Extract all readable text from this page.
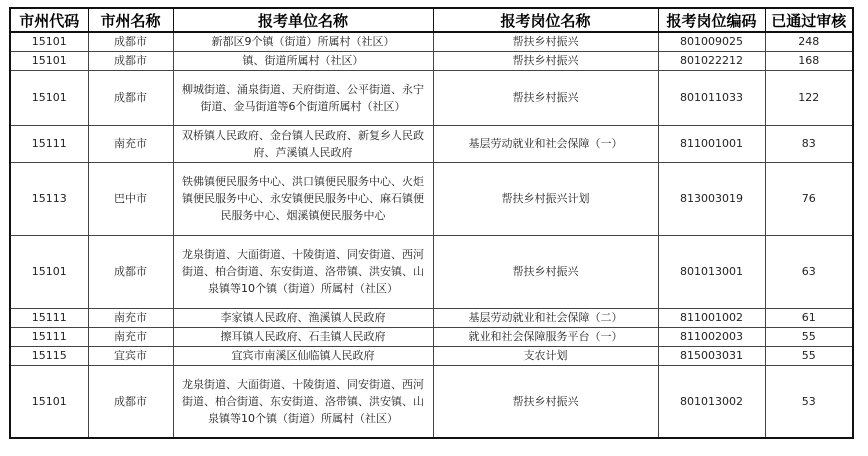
市州代码	市州名称	报考单位名称	报考岗位名称	报考岗位编码	已通过审核
15101	成都市	新都区9个镇（街道）所属村（社区）	帮扶乡村振兴	801009025	248
15101	成都市	镇、街道所属村（社区）	帮扶乡村振兴	801022212	168
15101	成都市	柳城街道、涌泉街道、天府街道、公平街道、永宁街道、金马街道等6个街道所属村（社区）	帮扶乡村振兴	801011033	122
15111	南充市	双桥镇人民政府、金台镇人民政府、新复乡人民政府、芦溪镇人民政府	基层劳动就业和社会保障（一）	811001001	83
15113	巴中市	铁佛镇便民服务中心、洪口镇便民服务中心、火炬镇便民服务中心、永安镇便民服务中心、麻石镇便民服务中心、烟溪镇便民服务中心	帮扶乡村振兴计划	813003019	76
15101	成都市	龙泉街道、大面街道、十陵街道、同安街道、西河街道、柏合街道、东安街道、洛带镇、洪安镇、山泉镇等10个镇（街道）所属村（社区）	帮扶乡村振兴	801013001	63
15111	南充市	李家镇人民政府、渔溪镇人民政府	基层劳动就业和社会保障（二）	811001002	61
15111	南充市	擦耳镇人民政府、石圭镇人民政府	就业和社会保障服务平台（一）	811002003	55
15115	宜宾市	宜宾市南溪区仙临镇人民政府	支农计划	815003031	55
15101	成都市	龙泉街道、大面街道、十陵街道、同安街道、西河街道、柏合街道、东安街道、洛带镇、洪安镇、山泉镇等10个镇（街道）所属村（社区）	帮扶乡村振兴	801013002	53
